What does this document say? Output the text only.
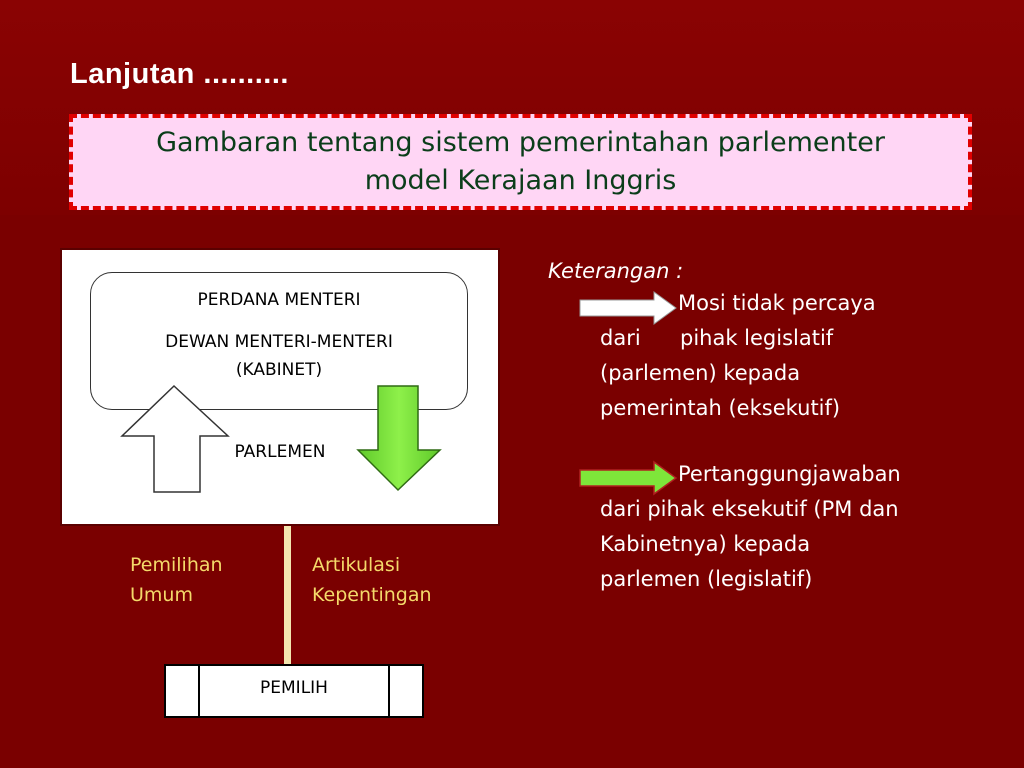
Lanjutan ..........
Gambaran tentang sistem pemerintahan parlementer
model Kerajaan Inggris
PERDANA MENTERI
DEWAN MENTERI-MENTERI
(KABINET)
PARLEMEN
Pemilihan
Umum
Artikulasi
Kepentingan
PEMILIH
Keterangan :
Mosi tidak percaya
dari pihak legislatif
(parlemen) kepada
pemerintah (eksekutif)
Pertanggungjawaban
dari pihak eksekutif (PM dan
Kabinetnya) kepada
parlemen (legislatif)
